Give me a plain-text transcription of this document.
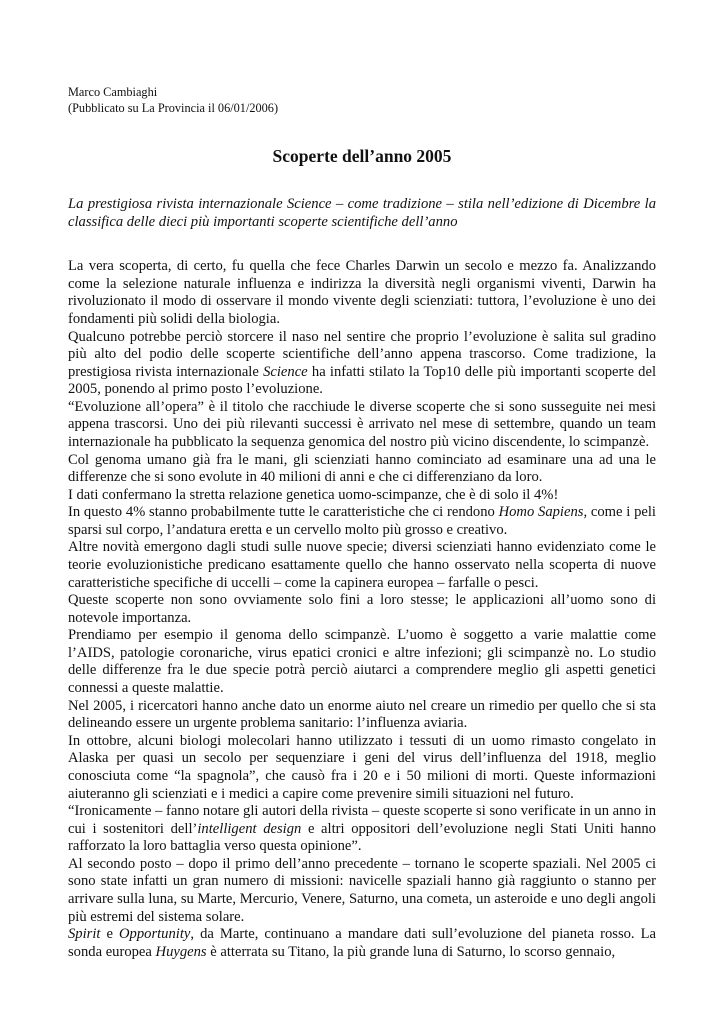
Marco Cambiaghi

(Pubblicato su La Provincia il 06/01/2006)

Scoperte dell’anno 2005

La prestigiosa rivista internazionale Science – come tradizione – stila nell’edizione di Dicembre la classifica delle dieci più importanti scoperte scientifiche dell’anno

La vera scoperta, di certo, fu quella che fece Charles Darwin un secolo e mezzo fa. Analizzando come la selezione naturale influenza e indirizza la diversità negli organismi viventi, Darwin ha rivoluzionato il modo di osservare il mondo vivente degli scienziati: tuttora, l’evoluzione è uno dei fondamenti più solidi della biologia.

Qualcuno potrebbe perciò storcere il naso nel sentire che proprio l’evoluzione è salita sul gradino più alto del podio delle scoperte scientifiche dell’anno appena trascorso. Come tradizione, la prestigiosa rivista internazionale Science ha infatti stilato la Top10 delle più importanti scoperte del 2005, ponendo al primo posto l’evoluzione.

“Evoluzione all’opera” è il titolo che racchiude le diverse scoperte che si sono susseguite nei mesi appena trascorsi. Uno dei più rilevanti successi è arrivato nel mese di settembre, quando un team internazionale ha pubblicato la sequenza genomica del nostro più vicino discendente, lo scimpanzè.

Col genoma umano già fra le mani, gli scienziati hanno cominciato ad esaminare una ad una le differenze che si sono evolute in 40 milioni di anni e che ci differenziano da loro.

I dati confermano la stretta relazione genetica uomo-scimpanze, che è di solo il 4%!

In questo 4% stanno probabilmente tutte le caratteristiche che ci rendono Homo Sapiens, come i peli sparsi sul corpo, l’andatura eretta e un cervello molto più grosso e creativo.

Altre novità emergono dagli studi sulle nuove specie; diversi scienziati hanno evidenziato come le teorie evoluzionistiche predicano esattamente quello che hanno osservato nella scoperta di nuove caratteristiche specifiche di uccelli – come la capinera europea – farfalle o pesci.

Queste scoperte non sono ovviamente solo fini a loro stesse; le applicazioni all’uomo sono di notevole importanza.

Prendiamo per esempio il genoma dello scimpanzè. L’uomo è soggetto a varie malattie come l’AIDS, patologie coronariche, virus epatici cronici e altre infezioni; gli scimpanzè no. Lo studio delle differenze fra le due specie potrà perciò aiutarci a comprendere meglio gli aspetti genetici connessi a queste malattie.

Nel 2005, i ricercatori hanno anche dato un enorme aiuto nel creare un rimedio per quello che si sta delineando essere un urgente problema sanitario: l’influenza aviaria.

In ottobre, alcuni biologi molecolari hanno utilizzato i tessuti di un uomo rimasto congelato in Alaska per quasi un secolo per sequenziare i geni del virus dell’influenza del 1918, meglio conosciuta come “la spagnola”, che causò fra i 20 e i 50 milioni di morti. Queste informazioni aiuteranno gli scienziati e i medici a capire come prevenire simili situazioni nel futuro.

“Ironicamente – fanno notare gli autori della rivista – queste scoperte si sono verificate in un anno in cui i sostenitori dell’intelligent design e altri oppositori dell’evoluzione negli Stati Uniti hanno rafforzato la loro battaglia verso questa opinione”.

Al secondo posto – dopo il primo dell’anno precedente – tornano le scoperte spaziali. Nel 2005 ci sono state infatti un gran numero di missioni: navicelle spaziali hanno già raggiunto o stanno per arrivare sulla luna, su Marte, Mercurio, Venere, Saturno, una cometa, un asteroide e uno degli angoli più estremi del sistema solare.

Spirit e Opportunity, da Marte, continuano a mandare dati sull’evoluzione del pianeta rosso. La sonda europea Huygens è atterrata su Titano, la più grande luna di Saturno, lo scorso gennaio,
